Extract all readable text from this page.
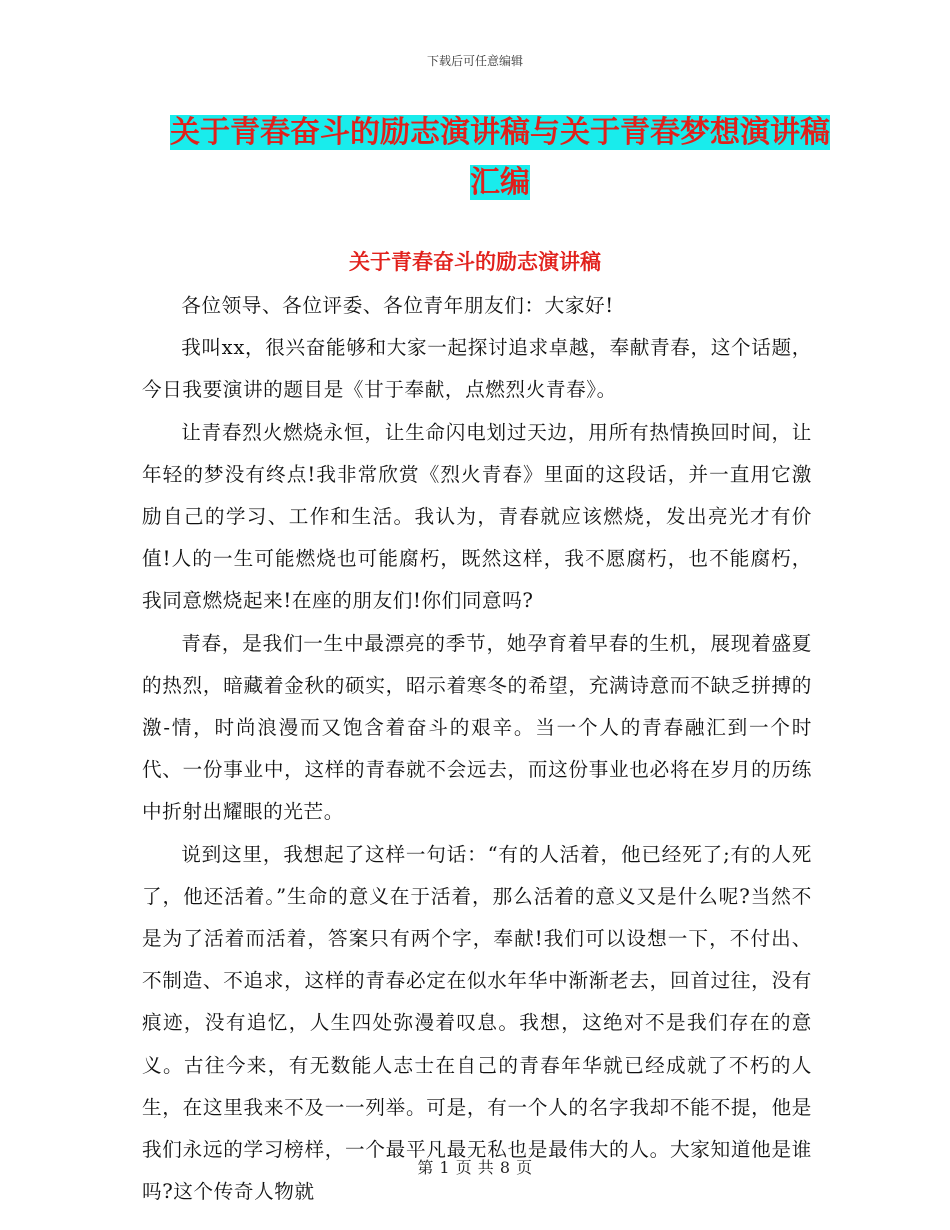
下载后可任意编辑
关于青春奋斗的励志演讲稿与关于青春梦想演讲稿汇编
关于青春奋斗的励志演讲稿

各位领导、各位评委、各位青年朋友们：大家好!

我叫xx，很兴奋能够和大家一起探讨追求卓越，奉献青春，这个话题，今日我要演讲的题目是《甘于奉献，点燃烈火青春》。

让青春烈火燃烧永恒，让生命闪电划过天边，用所有热情换回时间，让年轻的梦没有终点!我非常欣赏《烈火青春》里面的这段话，并一直用它激励自己的学习、工作和生活。我认为，青春就应该燃烧，发出亮光才有价值!人的一生可能燃烧也可能腐朽，既然这样，我不愿腐朽，也不能腐朽，我同意燃烧起来!在座的朋友们!你们同意吗?

青春，是我们一生中最漂亮的季节，她孕育着早春的生机，展现着盛夏的热烈，暗藏着金秋的硕实，昭示着寒冬的希望，充满诗意而不缺乏拼搏的激-情，时尚浪漫而又饱含着奋斗的艰辛。当一个人的青春融汇到一个时代、一份事业中，这样的青春就不会远去，而这份事业也必将在岁月的历练中折射出耀眼的光芒。

说到这里，我想起了这样一句话：“有的人活着，他已经死了;有的人死了，他还活着。”生命的意义在于活着，那么活着的意义又是什么呢?当然不是为了活着而活着，答案只有两个字，奉献!我们可以设想一下，不付出、不制造、不追求，这样的青春必定在似水年华中渐渐老去，回首过往，没有痕迹，没有追忆，人生四处弥漫着叹息。我想，这绝对不是我们存在的意义。古往今来，有无数能人志士在自己的青春年华就已经成就了不朽的人生，在这里我来不及一一列举。可是，有一个人的名字我却不能不提，他是我们永远的学习榜样，一个最平凡最无私也是最伟大的人。大家知道他是谁吗?这个传奇人物就

第 1 页 共 8 页
